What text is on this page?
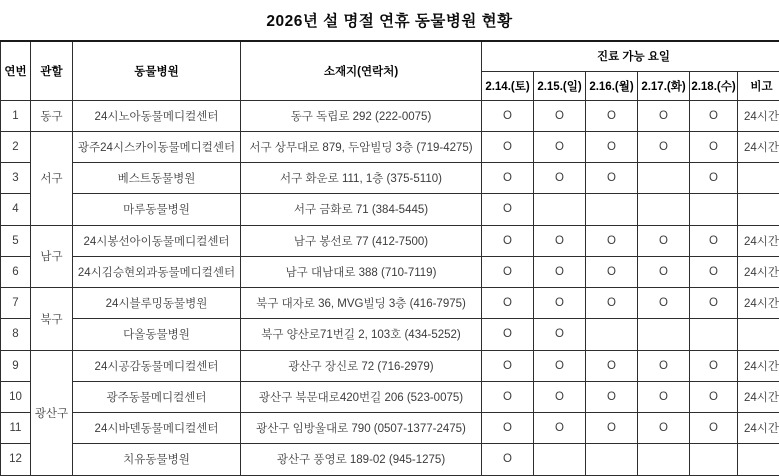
2026년 설 명절 연휴 동물병원 현황
연번	관할	동물병원	소재지(연락처)	진료 가능 요일					
				2.14.(토)	2.15.(일)	2.16.(월)	2.17.(화)	2.18.(수)	비고
1	동구	24시노아동물메디컬센터	동구 독립로 292 (222-0075)	O	O	O	O	O	24시간
2	서구	광주24시스카이동물메디컬센터	서구 상무대로 879, 두암빌딩 3층 (719-4275)	O	O	O	O	O	24시간
3		베스트동물병원	서구 화운로 111, 1층 (375-5110)	O	O	O		O	
4		마루동물병원	서구 금화로 71 (384-5445)	O					
5	남구	24시봉선아이동물메디컬센터	남구 봉선로 77 (412-7500)	O	O	O	O	O	24시간
6		24시김승현외과동물메디컬센터	남구 대남대로 388 (710-7119)	O	O	O	O	O	24시간
7	북구	24시블루밍동물병원	북구 대자로 36, MVG빌딩 3층 (416-7975)	O	O	O	O	O	24시간
8		다올동물병원	북구 양산로71번길 2, 103호 (434-5252)	O	O				
9	광산구	24시공감동물메디컬센터	광산구 장신로 72 (716-2979)	O	O	O	O	O	24시간
10		광주동물메디컬센터	광산구 북문대로420번길 206 (523-0075)	O	O	O	O	O	24시간
11		24시바덴동물메디컬센터	광산구 임방울대로 790 (0507-1377-2475)	O	O	O	O	O	24시간
12		치유동물병원	광산구 풍영로 189-02 (945-1275)	O					
